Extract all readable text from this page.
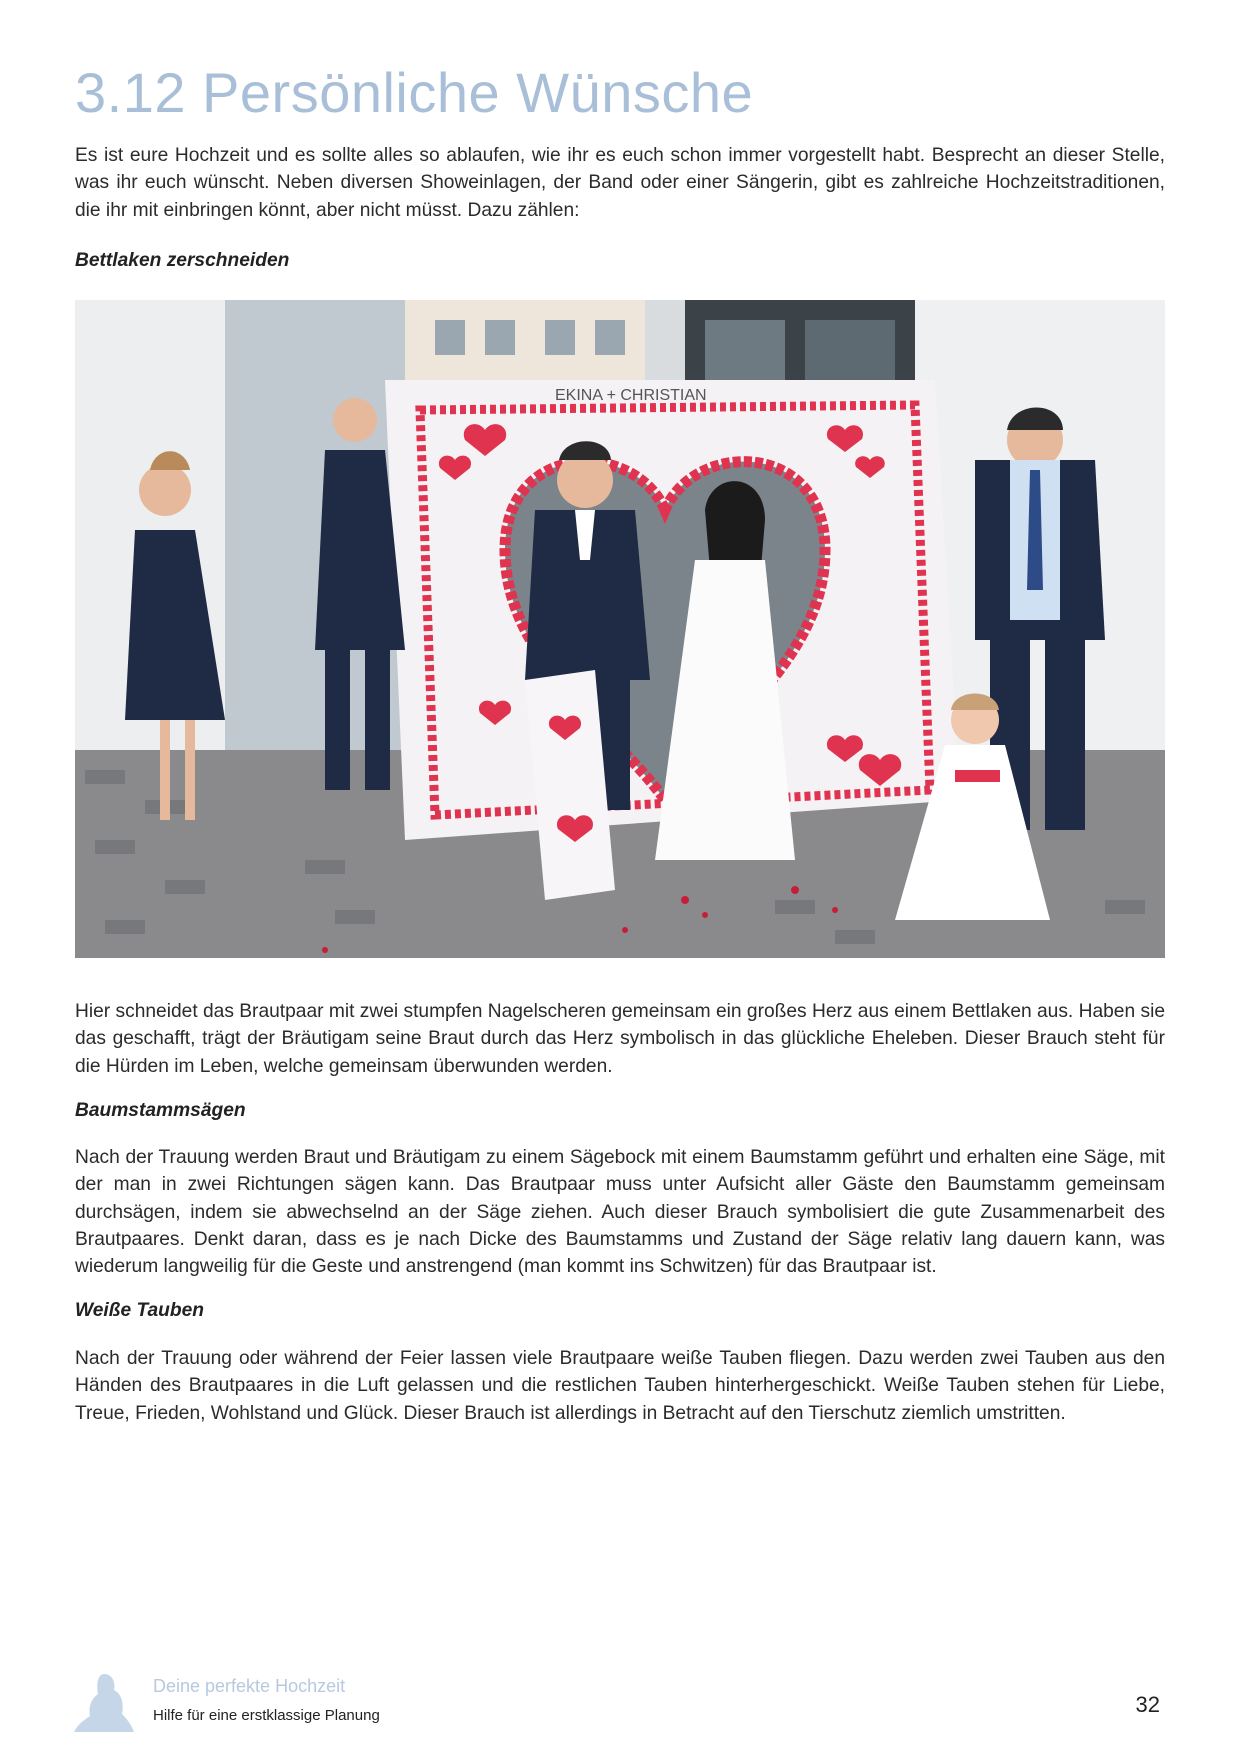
3.12 Persönliche Wünsche

Es ist eure Hochzeit und es sollte alles so ablaufen, wie ihr es euch schon immer vorgestellt habt. Besprecht an dieser Stelle, was ihr euch wünscht. Neben diversen Showeinlagen, der Band oder einer Sängerin, gibt es zahlreiche Hochzeitstraditionen, die ihr mit einbringen könnt, aber nicht müsst. Dazu zählen:

Bettlaken zerschneiden
EKINA + CHRISTIAN

Hier schneidet das Brautpaar mit zwei stumpfen Nagelscheren gemeinsam ein großes Herz aus einem Bettlaken aus. Haben sie das geschafft, trägt der Bräutigam seine Braut durch das Herz symbolisch in das glückliche Eheleben. Dieser Brauch steht für die Hürden im Leben, welche gemeinsam überwunden werden.

Baumstammsägen

Nach der Trauung werden Braut und Bräutigam zu einem Sägebock mit einem Baumstamm geführt und erhalten eine Säge, mit der man in zwei Richtungen sägen kann. Das Brautpaar muss unter Aufsicht aller Gäste den Baumstamm gemeinsam durchsägen, indem sie abwechselnd an der Säge ziehen. Auch dieser Brauch symbolisiert die gute Zusammenarbeit des Brautpaares. Denkt daran, dass es je nach Dicke des Baumstamms und Zustand der Säge relativ lang dauern kann, was wiederum langweilig für die Geste und anstrengend (man kommt ins Schwitzen) für das Brautpaar ist.

Weiße Tauben

Nach der Trauung oder während der Feier lassen viele Brautpaare weiße Tauben fliegen. Dazu werden zwei Tauben aus den Händen des Brautpaares in die Luft gelassen und die restlichen Tauben hinterhergeschickt. Weiße Tauben stehen für Liebe, Treue, Frieden, Wohlstand und Glück. Dieser Brauch ist allerdings in Betracht auf den Tierschutz ziemlich umstritten.

Deine perfekte Hochzeit
Hilfe für eine erstklassige Planung	32
